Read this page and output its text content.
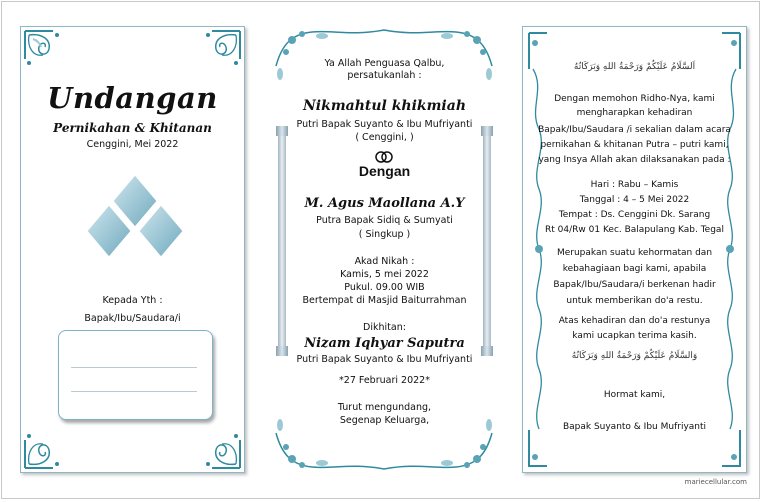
Undangan
Pernikahan & Khitanan
Cenggini, Mei 2022
Kepada Yth :
Bapak/Ibu/Saudara/i
Ya Allah Penguasa Qalbu,
persatukanlah :
Nikmahtul khikmiah
Putri Bapak Suyanto & Ibu Mufriyanti
( Cenggini, )
Dengan
M. Agus Maollana A.Y
Putra Bapak Sidiq & Sumyati
( Singkup )
Akad Nikah :
Kamis, 5 mei 2022
Pukul. 09.00 WIB
Bertempat di Masjid Baiturrahman
Dikhitan:
Nizam Iqhyar Saputra
Putri Bapak Suyanto & Ibu Mufriyanti
*27 Februari 2022*
Turut mengundang,
Segenap Keluarga,
اَلسَّلَامُ عَلَيْكُمْ وَرَحْمَةُ اللهِ وَبَرَكَاتُهُ
Dengan memohon Ridho-Nya, kami
mengharapkan kehadiran
Bapak/Ibu/Saudara /i sekalian dalam acara
pernikahan & khitanan Putra – putri kami,
yang Insya Allah akan dilaksanakan pada :
Hari : Rabu – Kamis
Tanggal : 4 – 5 Mei 2022
Tempat : Ds. Cenggini Dk. Sarang
Rt 04/Rw 01 Kec. Balapulang Kab. Tegal
Merupakan suatu kehormatan dan
kebahagiaan bagi kami, apabila
Bapak/Ibu/Saudara/i berkenan hadir
untuk memberikan do'a restu.
Atas kehadiran dan do'a restunya
kami ucapkan terima kasih.
وَالسَّلَامُ عَلَيْكُمْ وَرَحْمَةُ اللهِ وَبَرَكَاتُهُ
Hormat kami,
Bapak Suyanto & Ibu Mufriyanti
mariecellular.com
